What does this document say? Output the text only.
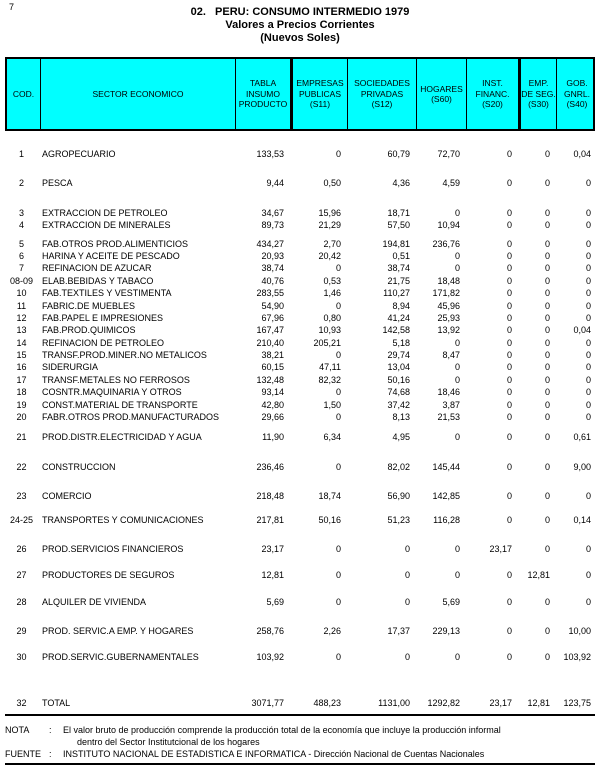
7	02.   PERU: CONSUMO INTERMEDIO 1979
Valores a Precios Corrientes
(Nuevos Soles)
COD.	SECTOR ECONOMICO
TABLA
INSUMO
PRODUCTO
EMPRESAS
PUBLICAS
(S11)
SOCIEDADES
PRIVADAS
(S12)
HOGARES
(S60)
INST.
FINANC.
(S20)
EMP.
DE SEG.
(S30)
GOB.
GNRL.
(S40)
1	AGROPECUARIO	133,53	0	60,79	72,70	0	0	0,04
2	PESCA	9,44	0,50	4,36	4,59	0	0	0
3	EXTRACCION DE PETROLEO	34,67	15,96	18,71	0	0	0	0
4	EXTRACCION DE MINERALES	89,73	21,29	57,50	10,94	0	0	0
5	FAB.OTROS PROD.ALIMENTICIOS	434,27	2,70	194,81	236,76	0	0	0
6	HARINA Y ACEITE DE PESCADO	20,93	20,42	0,51	0	0	0	0
7	REFINACION DE AZUCAR	38,74	0	38,74	0	0	0	0
08-09 ELAB.BEBIDAS Y TABACO	40,76	0,53	21,75	18,48	0	0	0
10	FAB.TEXTILES Y VESTIMENTA	283,55	1,46	110,27	171,82	0	0	0
11	FABRIC.DE MUEBLES	54,90	0	8,94	45,96	0	0	0
12	FAB.PAPEL E IMPRESIONES	67,96	0,80	41,24	25,93	0	0	0
13	FAB.PROD.QUIMICOS	167,47	10,93	142,58	13,92	0	0	0,04
14	REFINACION DE PETROLEO	210,40	205,21	5,18	0	0	0	0
15	TRANSF.PROD.MINER.NO METALICOS	38,21	0	29,74	8,47	0	0	0
16	SIDERURGIA	60,15	47,11	13,04	0	0	0	0
17	TRANSF.METALES NO FERROSOS	132,48	82,32	50,16	0	0	0	0
18	COSNTR.MAQUINARIA Y OTROS	93,14	0	74,68	18,46	0	0	0
19	CONST.MATERIAL DE TRANSPORTE	42,80	1,50	37,42	3,87	0	0	0
20	FABR.OTROS PROD.MANUFACTURADOS	29,66	0	8,13	21,53	0	0	0
21	PROD.DISTR.ELECTRICIDAD Y AGUA	11,90	6,34	4,95	0	0	0	0,61
22	CONSTRUCCION	236,46	0	82,02	145,44	0	0	9,00
23	COMERCIO	218,48	18,74	56,90	142,85	0	0	0
24-25 TRANSPORTES Y COMUNICACIONES	217,81	50,16	51,23	116,28	0	0	0,14
26	PROD.SERVICIOS FINANCIEROS	23,17	0	0	0	23,17	0	0
27	PRODUCTORES DE SEGUROS	12,81	0	0	0	0	12,81	0
28	ALQUILER DE VIVIENDA	5,69	0	0	5,69	0	0	0
29	PROD. SERVIC.A EMP. Y HOGARES	258,76	2,26	17,37	229,13	0	0	10,00
30	PROD.SERVIC.GUBERNAMENTALES	103,92	0	0	0	0	0	103,92
32	TOTAL	3071,77	488,23	1131,00	1292,82	23,17	12,81	123,75
NOTA	:	El valor bruto de producción comprende la producción total de la economía que incluye la producción informal
dentro del Sector Institutcional de los hogares
FUENTE :	INSTITUTO NACIONAL DE ESTADISTICA E INFORMATICA - Dirección Nacional de Cuentas Nacionales
